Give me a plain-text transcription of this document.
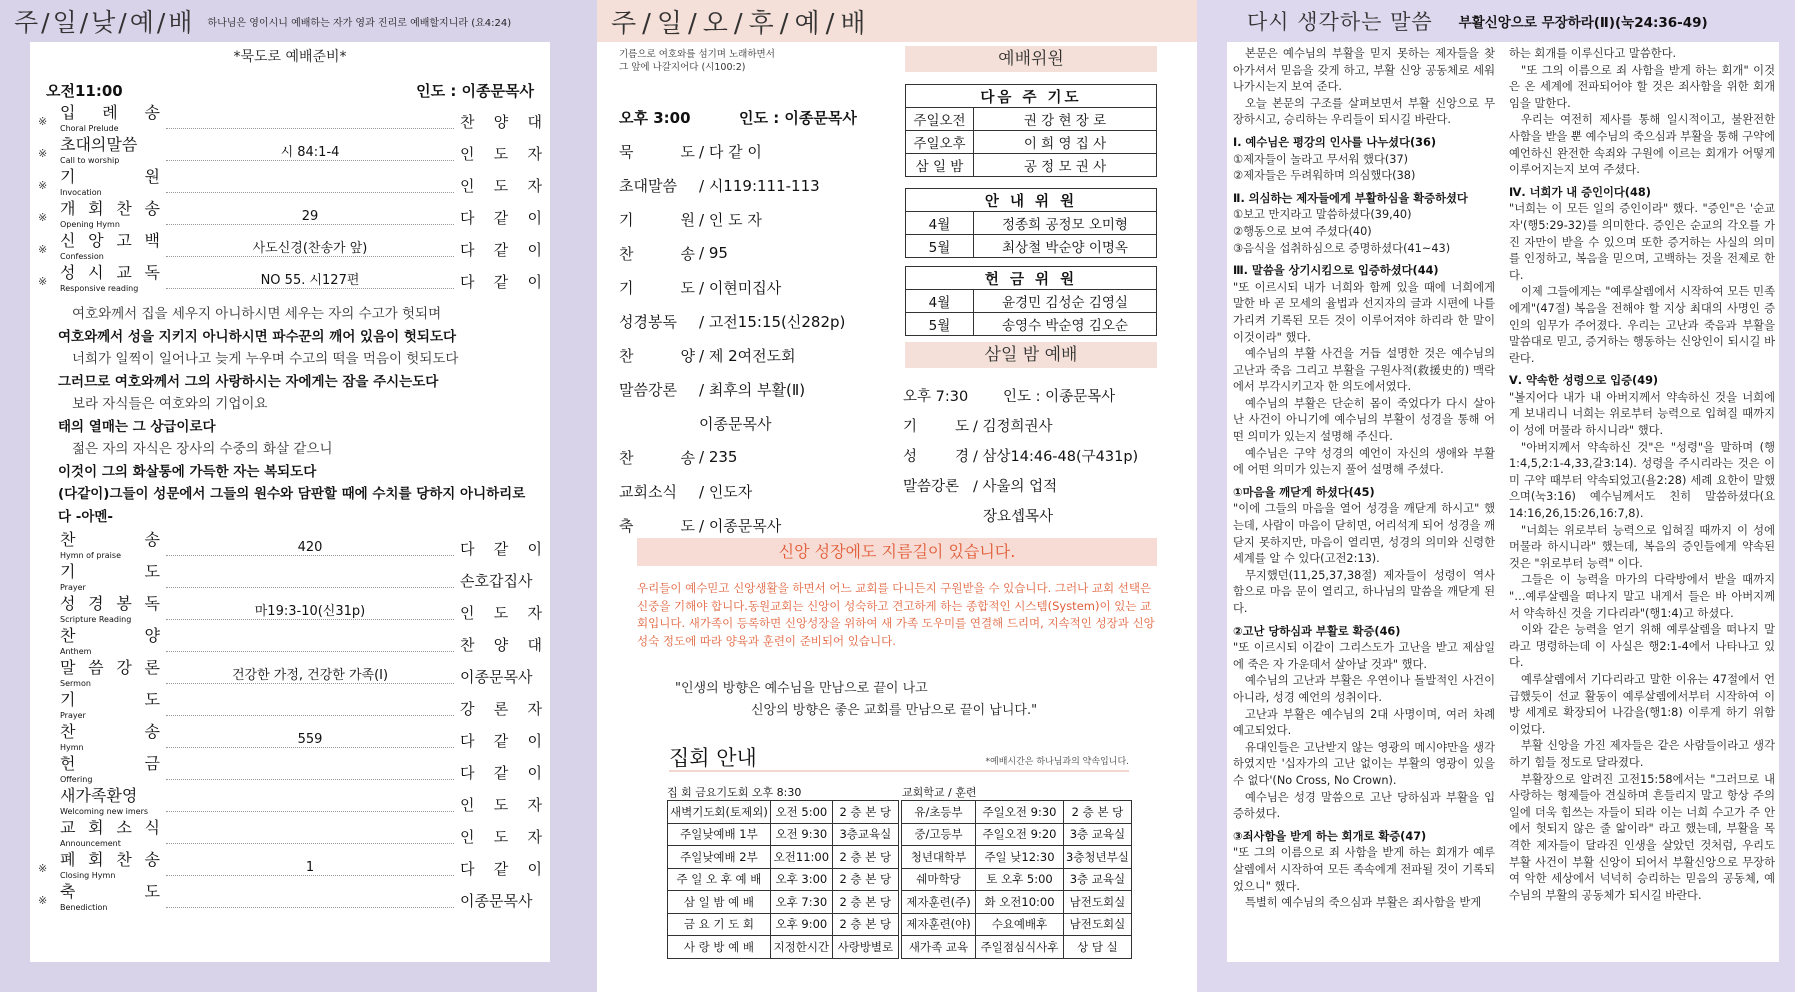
주/일/낮/예/배 하나님은 영이시니 예배하는 자가 영과 진리로 예배할지니라 (요4:24)
*묵도로 예배준비*
오전11:00	인도 : 이종문목사
※ 입 례 송
Choral Prelude	찬 양 대
※ 초대의말씀
Call to worship
시 84:1-4	인 도 자
※ 기 원
Invocation	인 도 자
※ 개 회 찬 송
Opening Hymn
29	다 같 이
※ 신 앙 고 백
Confession
사도신경(찬송가 앞)	다 같 이
※ 성 시 교 독
Responsive reading
NO 55. 시127편	다 같 이

여호와께서 집을 세우지 아니하시면 세우는 자의 수고가 헛되며

여호와께서 성을 지키지 아니하시면 파수꾼의 깨어 있음이 헛되도다

너희가 일찍이 일어나고 늦게 누우며 수고의 떡을 먹음이 헛되도다

그러므로 여호와께서 그의 사랑하시는 자에게는 잠을 주시는도다

보라 자식들은 여호와의 기업이요

태의 열매는 그 상급이로다

젊은 자의 자식은 장사의 수중의 화살 같으니

이것이 그의 화살통에 가득한 자는 복되도다

(다같이)그들이 성문에서 그들의 원수와 담판할 때에 수치를 당하지 아니하리로다 -아멘-

찬 송
Hymn of praise
420	다 같 이
기 도
Prayer	손호갑집사
성 경 봉 독
Scripture Reading
마19:3-10(신31p)	인 도 자
찬 양
Anthem	찬 양 대
말 씀 강 론
Sermon
건강한 가정, 건강한 가족(Ⅰ)	이종문목사
기 도
Prayer	강 론 자
찬 송
Hymn
559	다 같 이
헌 금
Offering	다 같 이
새가족환영
Welcoming new imers	인 도 자
교 회 소 식
Announcement	인 도 자
※ 폐 회 찬 송
Closing Hymn
1	다 같 이
※ 축 도
Benediction	이종문목사
주/일/오/후/예/배
기름으로 여호와를 섬기며 노래하면서
그 앞에 나갈지어다 (시100:2)
오후 3:00	인도 : 이종문목사
묵 도 / 다 같 이
초대말씀	/ 시119:111-113
기 원 / 인 도 자
찬 송 / 95
기 도 / 이현미집사
성경봉독	/ 고전15:15(신282p)
찬 양 / 제 2여전도회
말씀강론	/ 최후의 부활(Ⅱ)
이종문목사
찬 송 / 235
교회소식	/ 인도자
축 도 / 이종문목사
예배위원
다음 주 기도	
주일오전	권 강 현 장 로
주일오후	이 희 영 집 사
삼 일 밤	공 정 모 권 사
안 내 위 원	
4월	정종희 공정모 오미형
5월	최상철 박순양 이명옥
헌 금 위 원	
4월	윤경민 김성순 김영실
5월	송영수 박순영 김오순
삼일 밤 예배
오후 7:30	인도 : 이종문목사
기 도 / 김정희권사
성 경 / 삼상14:46-48(구431p)
말씀강론 / 사울의 업적
장요셉목사
신앙 성장에도 지름길이 있습니다.
우리들이 예수믿고 신앙생활을 하면서 어느 교회를 다니든지 구원받을 수 있습니다. 그러나 교회 선택은 신중을 기해야 합니다.동원교회는 신앙이 성숙하고 견고하게 하는 종합적인 시스템(System)이 있는 교회입니다. 새가족이 등록하면 신앙성장을 위하여 새 가족 도우미를 연결해 드리며, 지속적인 성장과 신앙성숙 정도에 따라 양육과 훈련이 준비되어 있습니다.
"인생의 방향은 예수님을 만남으로 끝이 나고
신앙의 방향은 좋은 교회를 만남으로 끝이 납니다."
집회 안내	*예배시간은 하나님과의 약속입니다.
집 회 금요기도회 오후 8:30	교회학교 / 훈련
새벽기도회(토제외)	오전 5:00	2 층 본 당
주일낮예배 1부	오전 9:30	3층교육실
주일낮예배 2부	오전11:00	2 층 본 당
주 일 오 후 예 배	오후 3:00	2 층 본 당
삼 일 밤 예 배	오후 7:30	2 층 본 당
금 요 기 도 회	오후 9:00	2 층 본 당
사 랑 방 예 배	지정한시간	사랑방별로
유/초등부	주일오전 9:30	2 층 본 당
중/고등부	주일오전 9:20	3층 교육실
청년대학부	주일 낮12:30	3층청년부실
쉐마학당	토 오후 5:00	3층 교육실
제자훈련(주)	화 오전10:00	남전도회실
제자훈련(야)	수요예배후	남전도회실
새가족 교육	주일점심식사후	상 담 실
다시 생각하는 말씀 부활신앙으로 무장하라(Ⅱ)(눅24:36-49)

본문은 예수님의 부활을 믿지 못하는 제자들을 찾아가셔서 믿음을 갖게 하고, 부활 신앙 공동체로 세워 나가시는지 보여 준다.

오늘 본문의 구조를 살펴보면서 부활 신앙으로 무장하시고, 승리하는 우리들이 되시길 바란다.

Ⅰ. 예수님은 평강의 인사를 나누셨다(36)

①제자들이 놀라고 무서워 했다(37)

②제자들은 두려워하며 의심했다(38)

Ⅱ. 의심하는 제자들에게 부활하심을 확증하셨다

①보고 만지라고 말씀하셨다(39,40)

②행동으로 보여 주셨다(40)

③음식을 섭취하심으로 증명하셨다(41~43)

Ⅲ. 말씀을 상기시킴으로 입증하셨다(44)

"또 이르시되 내가 너희와 함께 있을 때에 너희에게 말한 바 곧 모세의 율법과 선지자의 글과 시편에 나를 가리켜 기록된 모든 것이 이루어져야 하리라 한 말이 이것이라" 했다.

예수님의 부활 사건을 거듭 설명한 것은 예수님의 고난과 죽음 그리고 부활을 구원사적(救援史的) 맥락에서 부각시키고자 한 의도에서였다.

예수님의 부활은 단순히 몸이 죽었다가 다시 살아난 사건이 아니기에 예수님의 부활이 성경을 통해 어떤 의미가 있는지 설명해 주신다.

예수님은 구약 성경의 예언이 자신의 생애와 부활에 어떤 의미가 있는지 풀어 설명해 주셨다.

①마음을 깨닫게 하셨다(45)

"이에 그들의 마음을 열어 성경을 깨닫게 하시고" 했는데, 사람이 마음이 닫히면, 어리석게 되어 성경을 깨닫지 못하지만, 마음이 열리면, 성경의 의미와 신령한 세계를 알 수 있다(고전2:13).

무지했던(11,25,37,38절) 제자들이 성령이 역사함으로 마음 문이 열리고, 하나님의 말씀을 깨닫게 된다.

②고난 당하심과 부활로 확증(46)

"또 이르시되 이같이 그리스도가 고난을 받고 제삼일에 죽은 자 가운데서 살아날 것과" 했다.

예수님의 고난과 부활은 우연이나 돌발적인 사건이 아니라, 성경 예언의 성취이다.

고난과 부활은 예수님의 2대 사명이며, 여러 차례 예고되었다.

유대인들은 고난받지 않는 영광의 메시야만을 생각하였지만 '십자가의 고난 없이는 부활의 영광이 있을 수 없다'(No Cross, No Crown).

예수님은 성경 말씀으로 고난 당하심과 부활을 입증하셨다.

③죄사함을 받게 하는 회개로 확증(47)

"또 그의 이름으로 죄 사함을 받게 하는 회개가 예루살렘에서 시작하여 모든 족속에게 전파될 것이 기록되었으니" 했다.

특별히 예수님의 죽으심과 부활은 죄사함을 받게

하는 회개를 이루신다고 말씀한다.

"또 그의 이름으로 죄 사함을 받게 하는 회개" 이것은 온 세계에 전파되어야 할 것은 죄사함을 위한 회개임을 말한다.

우리는 여전히 제사를 통해 일시적이고, 불완전한 사함을 받을 뿐 예수님의 죽으심과 부활을 통해 구약에 예언하신 완전한 속죄와 구원에 이르는 회개가 어떻게 이루어지는지 보여 주셨다.

Ⅳ. 너희가 내 증인이다(48)

"너희는 이 모든 일의 증인이라" 했다. "증인"은 '순교자'(행5:29-32)를 의미한다. 증인은 순교의 각오를 가진 자만이 받을 수 있으며 또한 증거하는 사실의 의미를 인정하고, 복음을 믿으며, 고백하는 것을 전제로 한다.

이제 그들에게는 "예루살렘에서 시작하여 모든 민족에게"(47절) 복음을 전해야 할 지상 최대의 사명인 증인의 임무가 주어졌다. 우리는 고난과 죽음과 부활을 말씀대로 믿고, 증거하는 행동하는 신앙인이 되시길 바란다.

Ⅴ. 약속한 성령으로 입증(49)

"볼지어다 내가 내 아버지께서 약속하신 것을 너희에게 보내리니 너희는 위로부터 능력으로 입혀질 때까지 이 성에 머물라 하시니라" 했다.

"아버지께서 약속하신 것"은 "성령"을 말하며 (행1:4,5,2:1-4,33,갈3:14). 성령을 주시리라는 것은 이미 구약 때부터 약속되었고(욜2:28) 세례 요한이 말했으며(눅3:16) 예수님께서도 친히 말씀하셨다(요14:16,26,15:26,16:7,8).

"너희는 위로부터 능력으로 입혀질 때까지 이 성에 머물라 하시니라" 했는데, 복음의 증인들에게 약속된 것은 "위로부터 능력" 이다.

그들은 이 능력을 마가의 다락방에서 받을 때까지 "…예루살렘을 떠나지 말고 내게서 들은 바 아버지께서 약속하신 것을 기다리라"(행1:4)고 하셨다.

이와 같은 능력을 얻기 위해 예루살렘을 떠나지 말라고 명령하는데 이 사실은 행2:1-4에서 나타나고 있다.

예루살렘에서 기다리라고 말한 이유는 47절에서 언급했듯이 선교 활동이 예루살렘에서부터 시작하여 이방 세계로 확장되어 나감을(행1:8) 이루게 하기 위함이었다.

부활 신앙을 가진 제자들은 같은 사람들이라고 생각하기 힘들 정도로 달라졌다.

부활장으로 알려진 고전15:58에서는 "그러므로 내 사랑하는 형제들아 견실하며 흔들리지 말고 항상 주의 일에 더욱 힘쓰는 자들이 되라 이는 너희 수고가 주 안에서 헛되지 않은 줄 앎이라" 라고 했는데, 부활을 목격한 제자들이 달라진 인생을 살았던 것처럼, 우리도 부활 사건이 부활 신앙이 되어서 부활신앙으로 무장하여 악한 세상에서 넉넉히 승리하는 믿음의 공동체, 예수님의 부활의 공동체가 되시길 바란다.
